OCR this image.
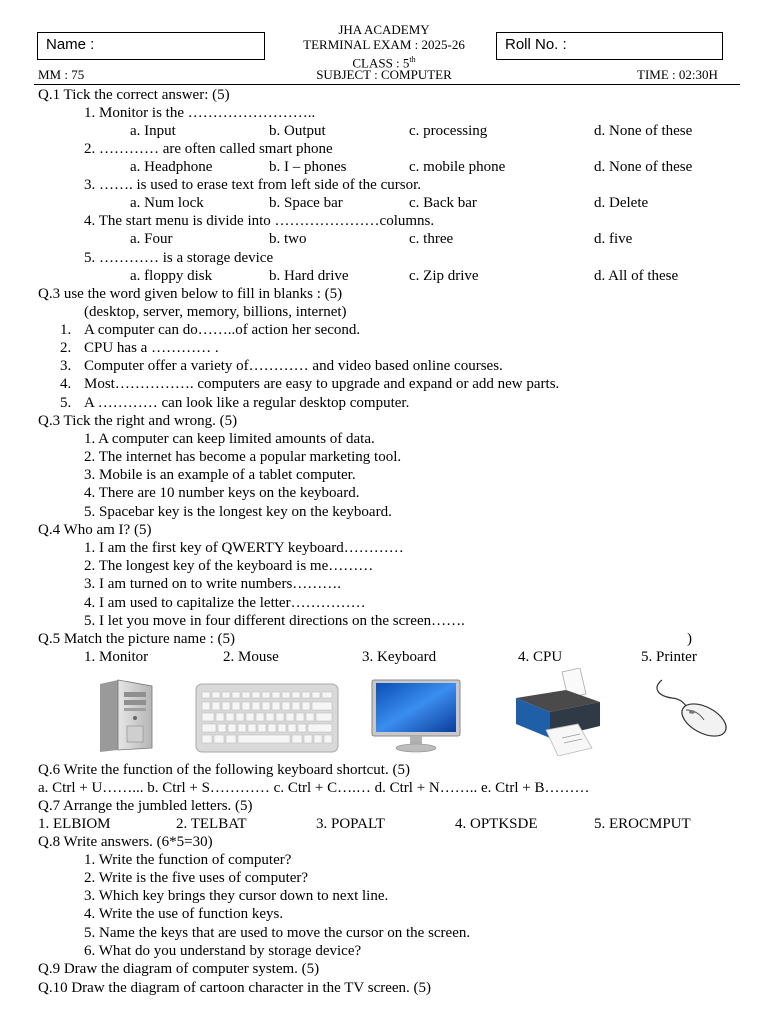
Name :	Roll No. :
JHA ACADEMY
TERMINAL EXAM : 2025-26
CLASS : 5th
MM : 75	SUBJECT : COMPUTER	TIME : 02:30H
Q.1 Tick the correct answer: (5)
1. Monitor is the ……………………..
a. Input	b. Output	c. processing	d. None of these
2. ………… are often called smart phone
a. Headphone	b. I – phones	c. mobile phone	d. None of these
3. ……. is used to erase text from left side of the cursor.
a. Num lock	b. Space bar	c. Back bar	d. Delete
4. The start menu is divide into …………………columns.
a. Four	b. two	c. three	d. five
5. ………… is a storage device
a. floppy disk	b. Hard drive	c. Zip drive	d. All of these
Q.3 use the word given below to fill in blanks : (5)
(desktop, server, memory, billions, internet)
1. A computer can do……..of action her second.
2. CPU has a ………… .
3. Computer offer a variety of………… and video based online courses.
4. Most……………. computers are easy to upgrade and expand or add new parts.
5. A ………… can look like a regular desktop computer.
Q.3 Tick the right and wrong. (5)
1. A computer can keep limited amounts of data.
2. The internet has become a popular marketing tool.
3. Mobile is an example of a tablet computer.
4. There are 10 number keys on the keyboard.
5. Spacebar key is the longest key on the keyboard.
Q.4 Who am I? (5)
1. I am the first key of QWERTY keyboard…………
2. The longest key of the keyboard is me………
3. I am turned on to write numbers……….
4. I am used to capitalize the letter……………
5. I let you move in four different directions on the screen…….
Q.5 Match the picture name : (5)	)
1. Monitor	2. Mouse	3. Keyboard	4. CPU	5. Printer
Q.6 Write the function of the following keyboard shortcut. (5)
a. Ctrl + U……... b. Ctrl + S………… c. Ctrl + C….… d. Ctrl + N…….. e. Ctrl + B………
Q.7 Arrange the jumbled letters. (5)
1. ELBIOM	2. TELBAT	3. POPALT	4. OPTKSDE	5. EROCMPUT
Q.8 Write answers. (6*5=30)
1. Write the function of computer?
2. Write is the five uses of computer?
3. Which key brings they cursor down to next line.
4. Write the use of function keys.
5. Name the keys that are used to move the cursor on the screen.
6. What do you understand by storage device?
Q.9 Draw the diagram of computer system. (5)
Q.10 Draw the diagram of cartoon character in the TV screen. (5)
